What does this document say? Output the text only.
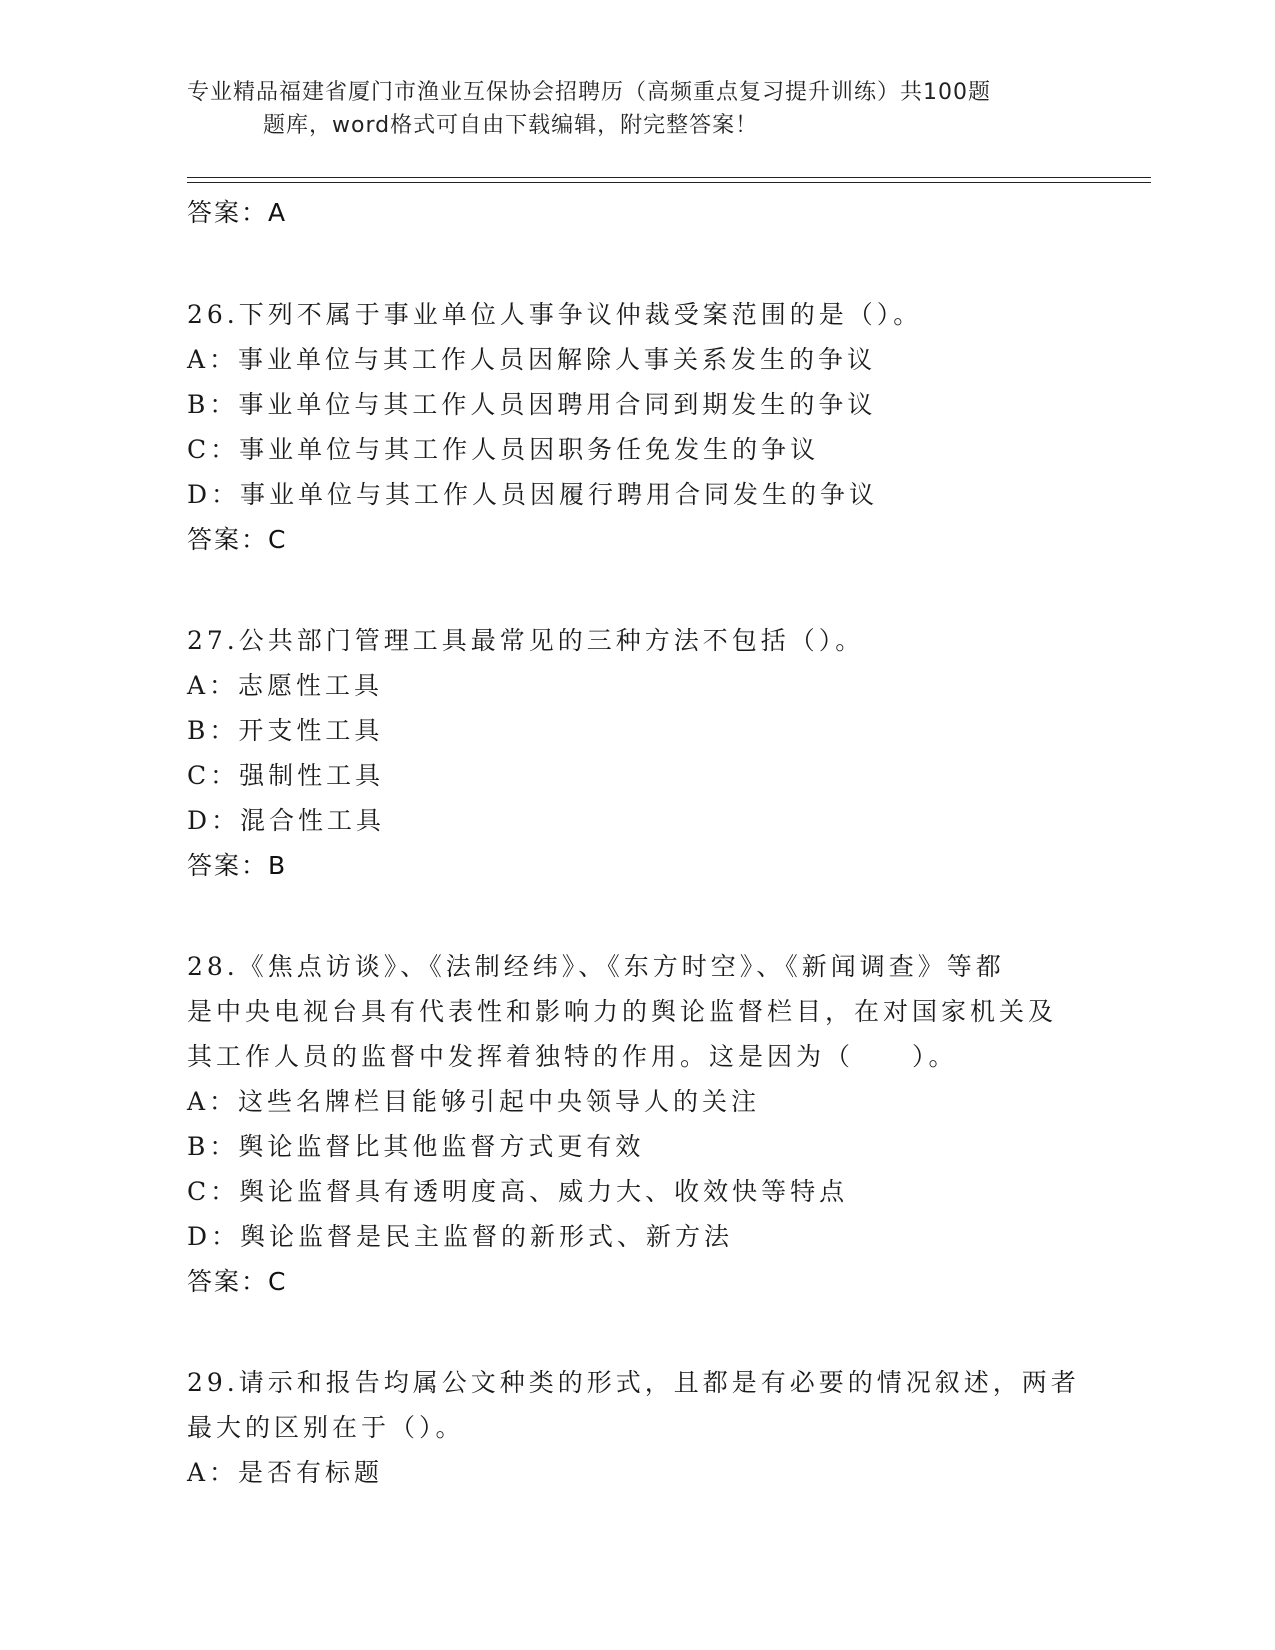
专业精品福建省厦门市渔业互保协会招聘历（高频重点复习提升训练）共100题
题库，word格式可自由下载编辑，附完整答案！
答案：A
26.下列不属于事业单位人事争议仲裁受案范围的是（）。
A：事业单位与其工作人员因解除人事关系发生的争议
B：事业单位与其工作人员因聘用合同到期发生的争议
C：事业单位与其工作人员因职务任免发生的争议
D：事业单位与其工作人员因履行聘用合同发生的争议
答案：C
27.公共部门管理工具最常见的三种方法不包括（）。
A：志愿性工具
B：开支性工具
C：强制性工具
D：混合性工具
答案：B
28.《焦点访谈》、《法制经纬》、《东方时空》、《新闻调查》等都
是中央电视台具有代表性和影响力的舆论监督栏目，在对国家机关及
其工作人员的监督中发挥着独特的作用。这是因为（　　）。
A：这些名牌栏目能够引起中央领导人的关注
B：舆论监督比其他监督方式更有效
C：舆论监督具有透明度高、威力大、收效快等特点
D：舆论监督是民主监督的新形式、新方法
答案：C
29.请示和报告均属公文种类的形式，且都是有必要的情况叙述，两者
最大的区别在于（）。
A：是否有标题
